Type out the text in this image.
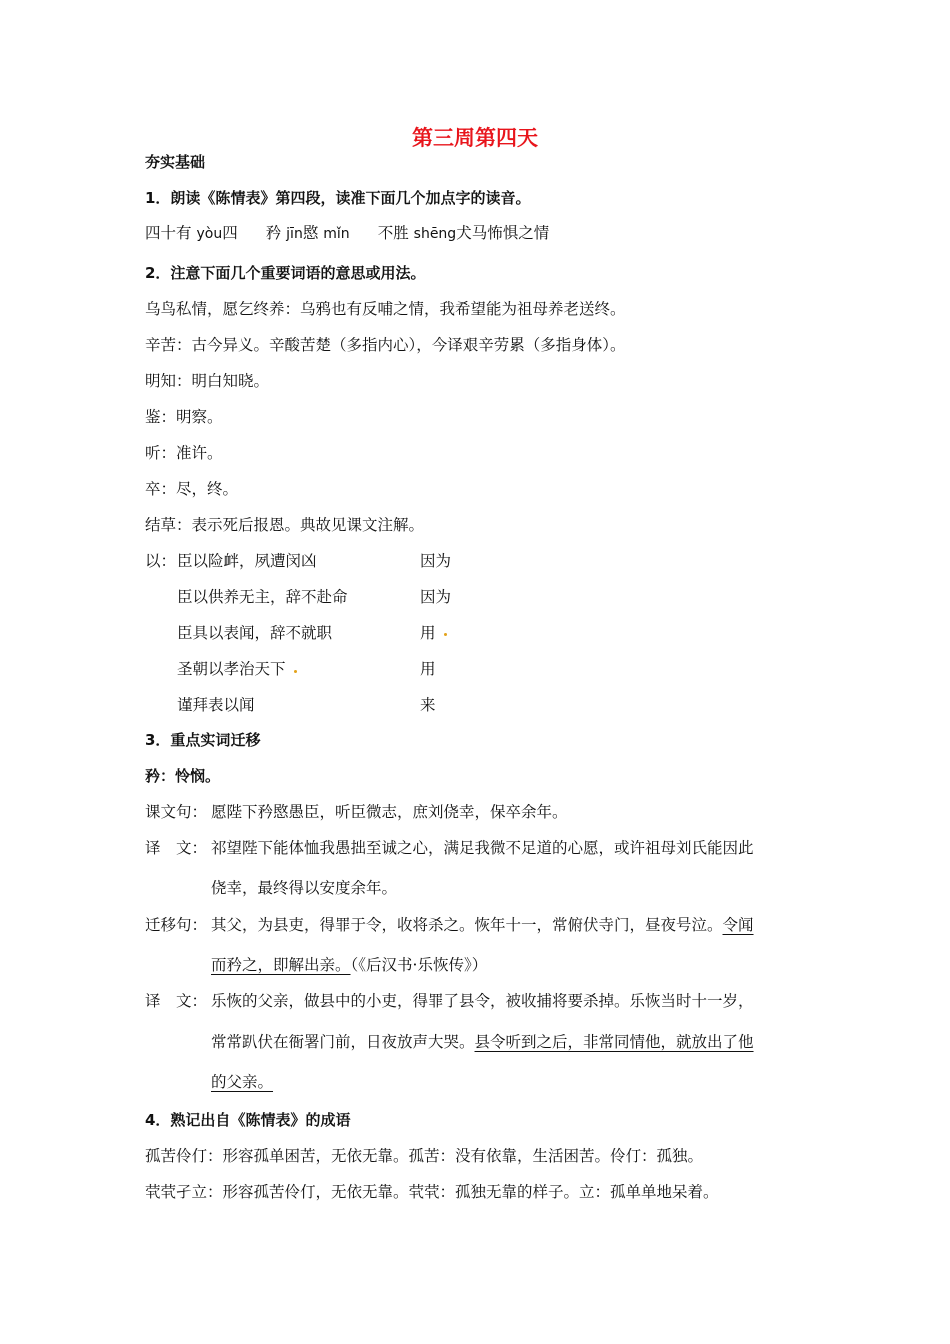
第三周第四天
夯实基础
1．朗读《陈情表》第四段，读准下面几个加点字的读音。
四十有 yòu四 矜 jīn愍 mǐn 不胜 shēng犬马怖惧之情
2．注意下面几个重要词语的意思或用法。
乌鸟私情，愿乞终养：乌鸦也有反哺之情，我希望能为祖母养老送终。
辛苦：古今异义。辛酸苦楚（多指内心），今译艰辛劳累（多指身体）。
明知：明白知晓。
鉴：明察。
听：准许。
卒：尽，终。
结草：表示死后报恩。典故见课文注解。
以： 臣以险衅，夙遭闵凶	因为
臣以供养无主，辞不赴命	因为
臣具以表闻，辞不就职	用
圣朝以孝治天下	用
谨拜表以闻	来
3．重点实词迁移
矜：怜悯。
课文句： 愿陛下矜愍愚臣，听臣微志，庶刘侥幸，保卒余年。
译　文： 祁望陛下能体恤我愚拙至诚之心，满足我微不足道的心愿，或许祖母刘氏能因此
侥幸，最终得以安度余年。
迁移句： 其父，为县吏，得罪于令，收将杀之。恢年十一，常俯伏寺门，昼夜号泣。令闻
而矜之，即解出亲。（《后汉书·乐恢传》）
译　文： 乐恢的父亲，做县中的小吏，得罪了县令，被收捕将要杀掉。乐恢当时十一岁，
常常趴伏在衙署门前，日夜放声大哭。县令听到之后，非常同情他，就放出了他
的父亲。
4．熟记出自《陈情表》的成语
孤苦伶仃：形容孤单困苦，无依无靠。孤苦：没有依靠，生活困苦。伶仃：孤独。
茕茕孑立：形容孤苦伶仃，无依无靠。茕茕：孤独无靠的样子。立：孤单单地呆着。
